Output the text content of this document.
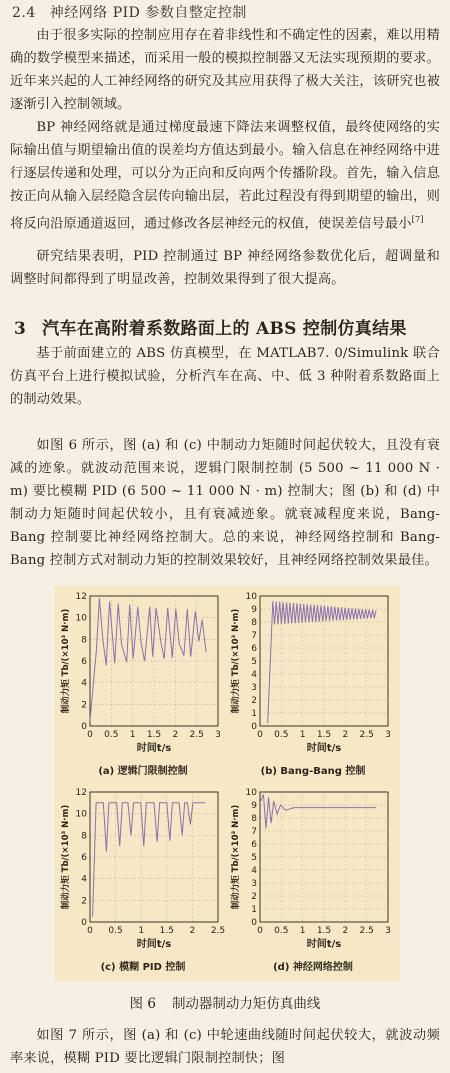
2.4 神经网络 PID 参数自整定控制

由于很多实际的控制应用存在着非线性和不确定性的因素，难以用精确的数学模型来描述，而采用一般的模拟控制器又无法实现预期的要求。近年来兴起的人工神经网络的研究及其应用获得了极大关注，该研究也被逐渐引入控制领域。

BP 神经网络就是通过梯度最速下降法来调整权值，最终使网络的实际输出值与期望输出值的误差均方值达到最小。输入信息在神经网络中进行逐层传递和处理，可以分为正向和反向两个传播阶段。首先，输入信息按正向从输入层经隐含层传向输出层，若此过程没有得到期望的输出，则将反向沿原通道返回，通过修改各层神经元的权值，使误差信号最小[7]

研究结果表明，PID 控制通过 BP 神经网络参数优化后，超调量和调整时间都得到了明显改善，控制效果得到了很大提高。

3 汽车在高附着系数路面上的 ABS 控制仿真结果

基于前面建立的 ABS 仿真模型，在 MATLAB7. 0/Simulink 联合仿真平台上进行模拟试验，分析汽车在高、中、低 3 种附着系数路面上的制动效果。

如图 6 所示，图 (a) 和 (c) 中制动力矩随时间起伏较大，且没有衰减的迹象。就波动范围来说，逻辑门限制控制 (5 500 ~ 11 000 N · m) 要比模糊 PID (6 500 ~ 11 000 N · m) 控制大；图 (b) 和 (d) 中制动力矩随时间起伏较小，且有衰减迹象。就衰减程度来说，Bang-Bang 控制要比神经网络控制大。总的来说，神经网络控制和 Bang-Bang 控制方式对制动力矩的控制效果较好，且神经网络控制效果最佳。

0 0.5 1 1.5 2 2.5 3
0
2
4
6
8
10
12
时间t/s
制动力矩 Tb/(×10³ N·m)
(a) 逻辑门限制控制
0 0.5 1 1.5 2 2.5 3
0
1
2
3
4
5
6
7
8
9
10
时间t/s
制动力矩 Tb/(×10³ N·m)
(b) Bang-Bang 控制
0 0.5 1 1.5 2 2.5
0
2
4
6
8
10
12
时间t/s
制动力矩 Tb/(×10³ N·m)
(c) 模糊 PID 控制
0 0.5 1 1.5 2 2.5 3
0
1
2
3
4
5
6
7
8
9
10
时间t/s
制动力矩 Tb/(×10³ N·m)
(d) 神经网络控制
图 6 制动器制动力矩仿真曲线

如图 7 所示，图 (a) 和 (c) 中轮速曲线随时间起伏较大，就波动频率来说，模糊 PID 要比逻辑门限制控制快；图
